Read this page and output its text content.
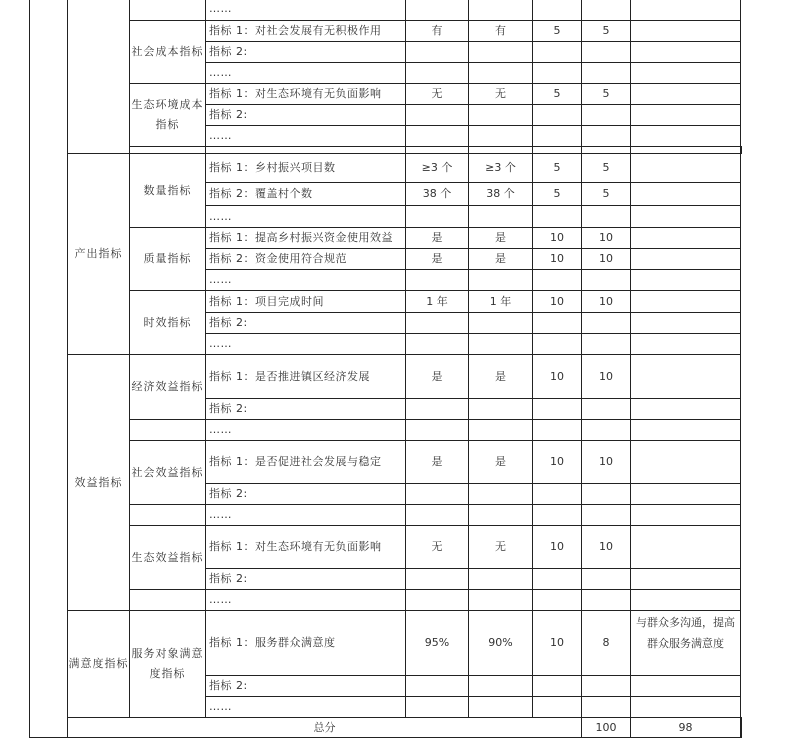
			……						
		社会成本指标	指标 1：对社会发展有无积极作用	有	有	5	5		
			指标 2:						
			……						
		生态环境成本指标	指标 1：对生态环境有无负面影响	无	无	5	5		
			指标 2:						
			……						

	产出指标	数量指标	指标 1：乡村振兴项目数	≥3 个	≥3 个	5	5		
			指标 2：覆盖村个数	38 个	38 个	5	5		
			……						
		质量指标	指标 1：提高乡村振兴资金使用效益	是	是	10	10		
			指标 2：资金使用符合规范	是	是	10	10		
			……						
		时效指标	指标 1：项目完成时间	1 年	1 年	10	10		
			指标 2:						
			……						
	效益指标	经济效益指标	指标 1：是否推进镇区经济发展	是	是	10	10		
			指标 2:						
			……						
		社会效益指标	指标 1：是否促进社会发展与稳定	是	是	10	10		
			指标 2:						
			……						
		生态效益指标	指标 1：对生态环境有无负面影响	无	无	10	10		
			指标 2:						
			……						
	满意度指标	服务对象满意度指标	指标 1：服务群众满意度	95%	90%	10	8	与群众多沟通，提高群众服务满意度	
			指标 2:						
			……						
	总分						100	98	
